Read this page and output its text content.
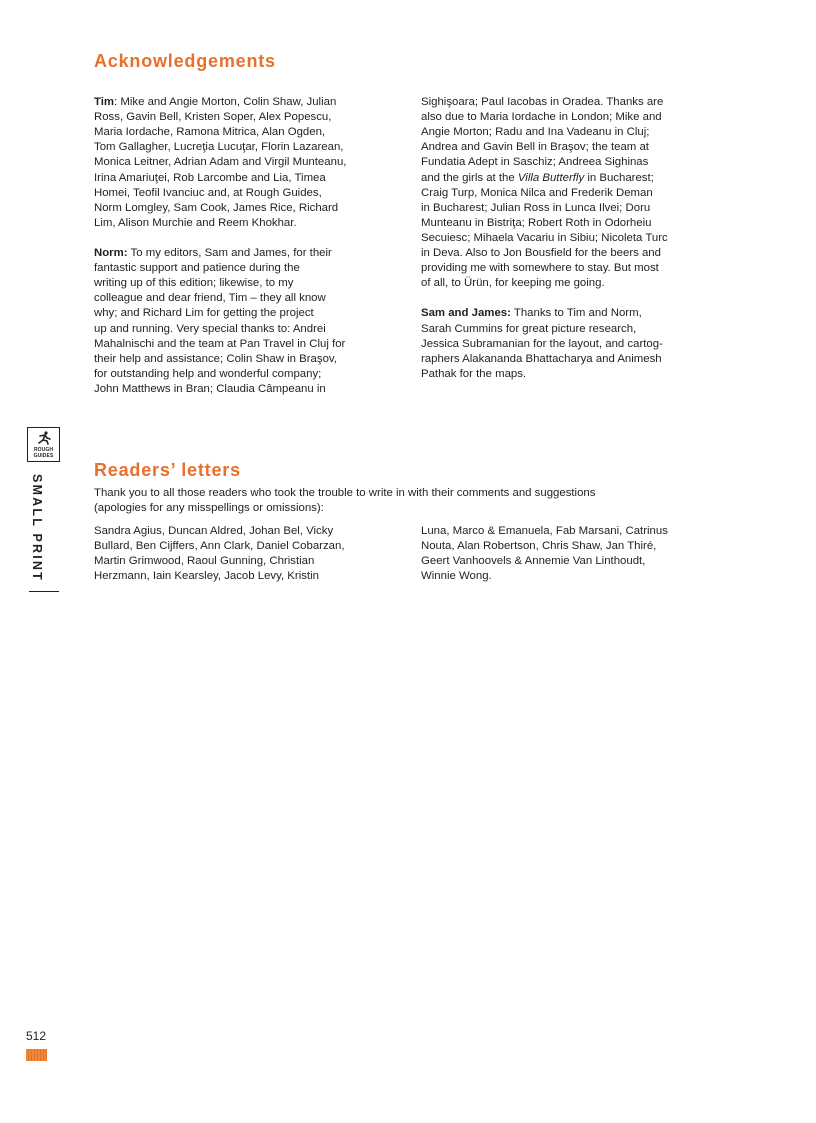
Acknowledgements

Tim: Mike and Angie Morton, Colin Shaw, Julian
Ross, Gavin Bell, Kristen Soper, Alex Popescu,
Maria Iordache, Ramona Mitrica, Alan Ogden,
Tom Gallagher, Lucreţia Lucuţar, Florin Lazarean,
Monica Leitner, Adrian Adam and Virgil Munteanu,
Irina Amariuţei, Rob Larcombe and Lia, Timea
Homei, Teofil Ivanciuc and, at Rough Guides,
Norm Lomgley, Sam Cook, James Rice, Richard
Lim, Alison Murchie and Reem Khokhar.

Norm: To my editors, Sam and James, for their
fantastic support and patience during the
writing up of this edition; likewise, to my
colleague and dear friend, Tim – they all know
why; and Richard Lim for getting the project
up and running. Very special thanks to: Andrei
Mahalnischi and the team at Pan Travel in Cluj for
their help and assistance; Colin Shaw in Braşov,
for outstanding help and wonderful company;
John Matthews in Bran; Claudia Câmpeanu in

Sighişoara; Paul Iacobas in Oradea. Thanks are
also due to Maria Iordache in London; Mike and
Angie Morton; Radu and Ina Vadeanu in Cluj;
Andrea and Gavin Bell in Braşov; the team at
Fundatia Adept in Saschiz; Andreea Sighinas
and the girls at the Villa Butterfly in Bucharest;
Craig Turp, Monica Nilca and Frederik Deman
in Bucharest; Julian Ross in Lunca Ilvei; Doru
Munteanu in Bistriţa; Robert Roth in Odorheiu
Secuiesc; Mihaela Vacariu in Sibiu; Nicoleta Turc
in Deva. Also to Jon Bousfield for the beers and
providing me with somewhere to stay. But most
of all, to Ürün, for keeping me going.

Sam and James: Thanks to Tim and Norm,
Sarah Cummins for great picture research,
Jessica Subramanian for the layout, and cartog-
raphers Alakananda Bhattacharya and Animesh
Pathak for the maps.

Readers’ letters

Thank you to all those readers who took the trouble to write in with their comments and suggestions
(apologies for any misspellings or omissions):

Sandra Agius, Duncan Aldred, Johan Bel, Vicky
Bullard, Ben Cijffers, Ann Clark, Daniel Cobarzan,
Martin Grimwood, Raoul Gunning, Christian
Herzmann, Iain Kearsley, Jacob Levy, Kristin

Luna, Marco & Emanuela, Fab Marsani, Catrinus
Nouta, Alan Robertson, Chris Shaw, Jan Thiré,
Geert Vanhoovels & Annemie Van Linthoudt,
Winnie Wong.

ROUGH
GUIDES
SMALL PRINT
512
